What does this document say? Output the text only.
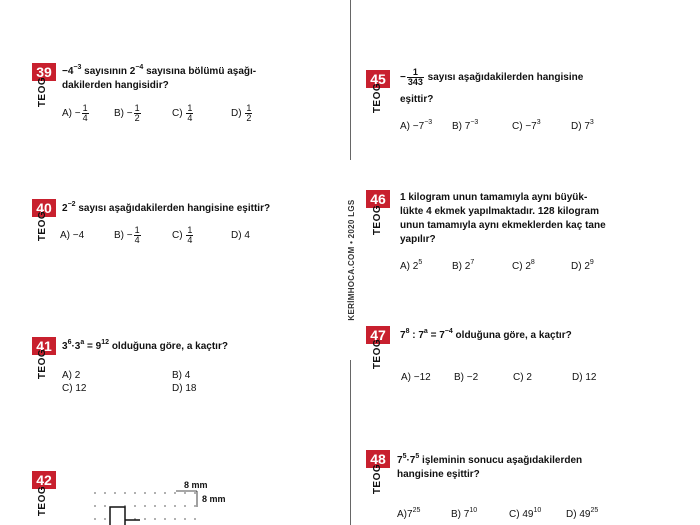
KERİMHOCA.COM • 2020 LGS
39
TEOG
$-4^{-3}$ sayısının $2^{-4}$ sayısına bölümü aşağı-
dakilerden hangisidir?
$A) - \frac{1}{4}$	$B) - \frac{1}{2}$	$C) \frac{1}{4}$	$D) \frac{1}{2}$
40
TEOG
$2^{-2}$ sayısı aşağıdakilerden hangisine eşittir?
A) −4	$B) - \frac{1}{4}$	$C) \frac{1}{4}$	D) 4
41
TEOG
$3^6\cdot 3^a = 9^{12}$ olduğuna göre, a kaçtır?
A) 2	B) 4
C) 12	D) 18
42
TEOG
8 mm
8 mm
45
TEOG
− $\frac{1}{343}$ sayısı aşağıdakilerden hangisine
eşittir?
$A) -7^{-3}$ B) $7^{-3}$	$C) -7^3$	D) $7^3$
46
TEOG
1 kilogram unun tamamıyla aynı büyük-
lükte 4 ekmek yapılmaktadır. 128 kilogram
unun tamamıyla aynı ekmeklerden kaç tane
yapılır?
A) $2^5$	B) $2^7$	C) $2^8$	D) $2^9$
47
TEOG
$7^8$ : $7^a = 7^{-4}$ olduğuna göre, a kaçtır?
A) −12 B) −2	C) 2	D) 12
48
TEOG
$7^5\cdot 7^5$ işleminin sonucu aşağıdakilerden
hangisine eşittir?
$A)7^{25}$	B) $7^{10}$	C) $49^{10}$ D) $49^{25}$
